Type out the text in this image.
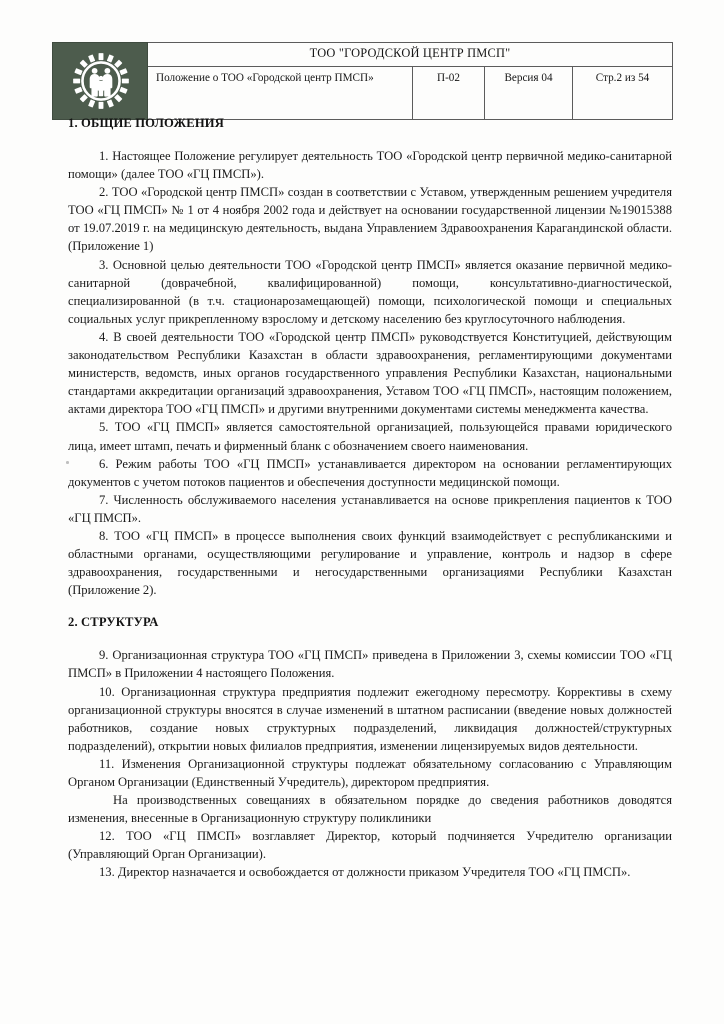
	ТОО "ГОРОДСКОЙ ЦЕНТР ПМСП"			
	Положение о ТОО «Городской центр ПМСП»	П-02	Версия 04	Стр.2 из 54
1. ОБЩИЕ ПОЛОЖЕНИЯ

1. Настоящее Положение регулирует деятельность ТОО «Городской центр первичной медико-санитарной помощи» (далее ТОО «ГЦ ПМСП»).

2. ТОО «Городской центр ПМСП» создан в соответствии с Уставом, утвержденным решением учредителя ТОО «ГЦ ПМСП» № 1 от 4 ноября 2002 года и действует на основании государственной лицензии №19015388 от 19.07.2019 г. на медицинскую деятельность, выдана Управлением Здравоохранения Карагандинской области. (Приложение 1)

3. Основной целью деятельности ТОО «Городской центр ПМСП» является оказание первичной медико-санитарной (доврачебной, квалифицированной) помощи, консультативно-диагностической, специализированной (в т.ч. стационарозамещающей) помощи, психологической помощи и специальных социальных услуг прикрепленному взрослому и детскому населению без круглосуточного наблюдения.

4. В своей деятельности ТОО «Городской центр ПМСП» руководствуется Конституцией, действующим законодательством Республики Казахстан в области здравоохранения, регламентирующими документами министерств, ведомств, иных органов государственного управления Республики Казахстан, национальными стандартами аккредитации организаций здравоохранения, Уставом ТОО «ГЦ ПМСП», настоящим положением, актами директора ТОО «ГЦ ПМСП» и другими внутренними документами системы менеджмента качества.

5. ТОО «ГЦ ПМСП» является самостоятельной организацией, пользующейся правами юридического лица, имеет штамп, печать и фирменный бланк с обозначением своего наименования.

6. Режим работы ТОО «ГЦ ПМСП» устанавливается директором на основании регламентирующих документов с учетом потоков пациентов и обеспечения доступности медицинской помощи.

7. Численность обслуживаемого населения устанавливается на основе прикрепления пациентов к ТОО «ГЦ ПМСП».

8. ТОО «ГЦ ПМСП» в процессе выполнения своих функций взаимодействует с республиканскими и областными органами, осуществляющими регулирование и управление, контроль и надзор в сфере здравоохранения, государственными и негосударственными организациями Республики Казахстан (Приложение 2).

2. СТРУКТУРА

9. Организационная структура ТОО «ГЦ ПМСП» приведена в Приложении 3, схемы комиссии ТОО «ГЦ ПМСП» в Приложении 4 настоящего Положения.

10. Организационная структура предприятия подлежит ежегодному пересмотру. Коррективы в схему организационной структуры вносятся в случае изменений в штатном расписании (введение новых должностей работников, создание новых структурных подразделений, ликвидация должностей/структурных подразделений), открытии новых филиалов предприятия, изменении лицензируемых видов деятельности.

11. Изменения Организационной структуры подлежат обязательному согласованию с Управляющим Органом Организации (Единственный Учредитель), директором предприятия.

На производственных совещаниях в обязательном порядке до сведения работников доводятся изменения, внесенные в Организационную структуру поликлиники

12. ТОО «ГЦ ПМСП» возглавляет Директор, который подчиняется Учредителю организации (Управляющий Орган Организации).

13. Директор назначается и освобождается от должности приказом Учредителя ТОО «ГЦ ПМСП».
